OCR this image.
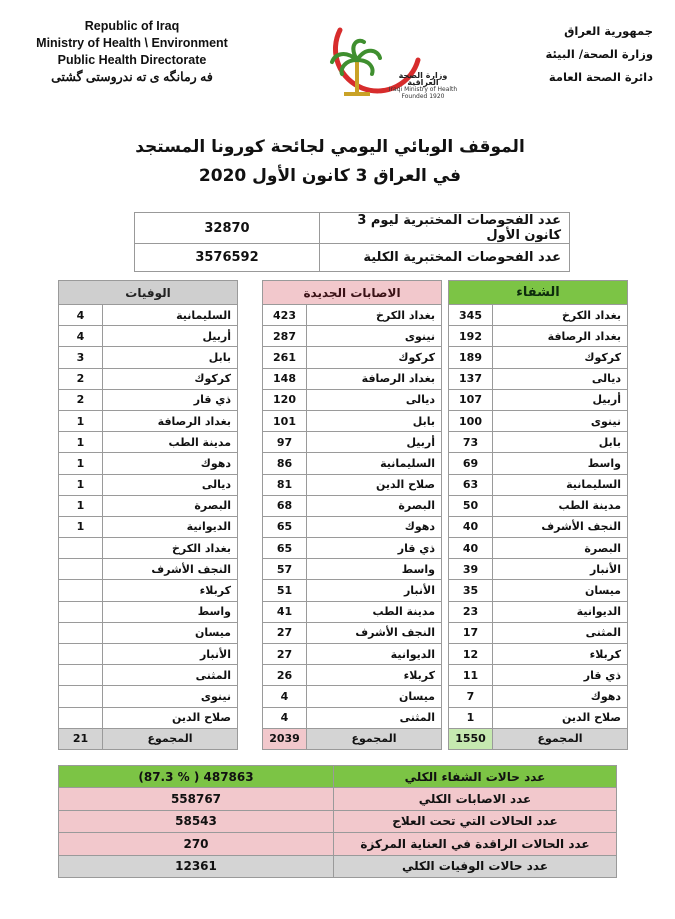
Republic of Iraq
Ministry of Health \ Environment
Public Health Directorate
فه رمانگه ى ته ندروستى گشتى
جمهورية العراق
وزارة الصحة/ البيئة
دائرة الصحة العامة
وزارة الصحة العراقية
Iraqi Ministry of Health
Founded 1920
الموقف الوبائي اليومي لجائحة كورونا المستجد
في العراق 3 كانون الأول 2020
32870	عدد الفحوصات المختبرية ليوم 3 كانون الأول
3576592	عدد الفحوصات المختبرية الكلية
الشفاء	
345	بغداد الكرخ
192	بغداد الرصافة
189	كركوك
137	ديالى
107	أربيل
100	نينوى
73	بابل
69	واسط
63	السليمانية
50	مدينة الطب
40	النجف الأشرف
40	البصرة
39	الأنبار
35	ميسان
23	الديوانية
17	المثنى
12	كربلاء
11	ذي قار
7	دهوك
1	صلاح الدين
1550	المجموع
الاصابات الجديدة	
423	بغداد الكرخ
287	نينوى
261	كركوك
148	بغداد الرصافة
120	ديالى
101	بابل
97	أربيل
86	السليمانية
81	صلاح الدين
68	البصرة
65	دهوك
65	ذي قار
57	واسط
51	الأنبار
41	مدينة الطب
27	النجف الأشرف
27	الديوانية
26	كربلاء
4	ميسان
4	المثنى
2039	المجموع
الوفيات	
4	السليمانية
4	أربيل
3	بابل
2	كركوك
2	ذي قار
1	بغداد الرصافة
1	مدينة الطب
1	دهوك
1	ديالى
1	البصرة
1	الديوانية
	بغداد الكرخ
	النجف الأشرف
	كربلاء
	واسط
	ميسان
	الأنبار
	المثنى
	نينوى
	صلاح الدين
21	المجموع
(87.3 % ) 487863	عدد حالات الشفاء الكلي
558767	عدد الاصابات الكلي
58543	عدد الحالات التي تحت العلاج
270	عدد الحالات الراقدة في العناية المركزة
12361	عدد حالات الوفيات الكلي
